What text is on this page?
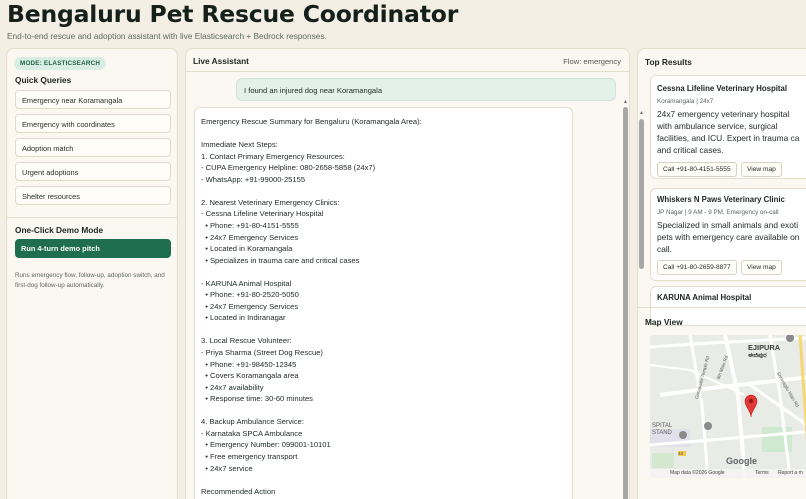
Bengaluru Pet Rescue Coordinator
End-to-end rescue and adoption assistant with live Elasticsearch + Bedrock responses.
MODE: ELASTICSEARCH
Quick Queries
Emergency near Koramangala
Emergency with coordinates
Adoption match
Urgent adoptions
Shelter resources
One-Click Demo Mode
Run 4-turn demo pitch
Runs emergency flow, follow-up, adoption switch, and first-dog follow-up automatically.
Live Assistant	Flow: emergency
I found an injured dog near Koramangala
Emergency Rescue Summary for Bengaluru (Koramangala Area):
Immediate Next Steps:
1. Contact Primary Emergency Resources:
- CUPA Emergency Helpline: 080-2658-5858 (24x7)
- WhatsApp: +91-99000-25155
2. Nearest Veterinary Emergency Clinics:
- Cessna Lifeline Veterinary Hospital
• Phone: +91-80-4151-5555
• 24x7 Emergency Services
• Located in Koramangala
• Specializes in trauma care and critical cases
- KARUNA Animal Hospital
• Phone: +91-80-2520-5050
• 24x7 Emergency Services
• Located in Indiranagar
3. Local Rescue Volunteer:
- Priya Sharma (Street Dog Rescue)
• Phone: +91-98450-12345
• Covers Koramangala area
• 24x7 availability
• Response time: 30-60 minutes
4. Backup Ambulance Service:
- Karnataka SPCA Ambulance
• Emergency Number: 099001-10101
• Free emergency transport
• 24x7 service
Recommended Action
▲
Top Results
▲
Cessna Lifeline Veterinary Hospital
Koramangala | 24x7
24x7 emergency veterinary hospital
with ambulance service, surgical
facilities, and ICU. Expert in trauma ca
and critical cases.
Call +91-80-4151-5555	View map
Whiskers N Paws Veterinary Clinic
JP Nagar | 9 AM - 9 PM, Emergency on-call
Specialized in small animals and exoti
pets with emergency care available on
call.
Call +91-80-2659-8877	View map
KARUNA Animal Hospital
Map View
EJIPURA
ಈಜಿಪುರ
SPITAL
STAND
8th Main Rd
Srinivagilu Main Rd
Ganapathi Temple Rd
48
Google
Map data ©2026 Google	Terms Report a m
